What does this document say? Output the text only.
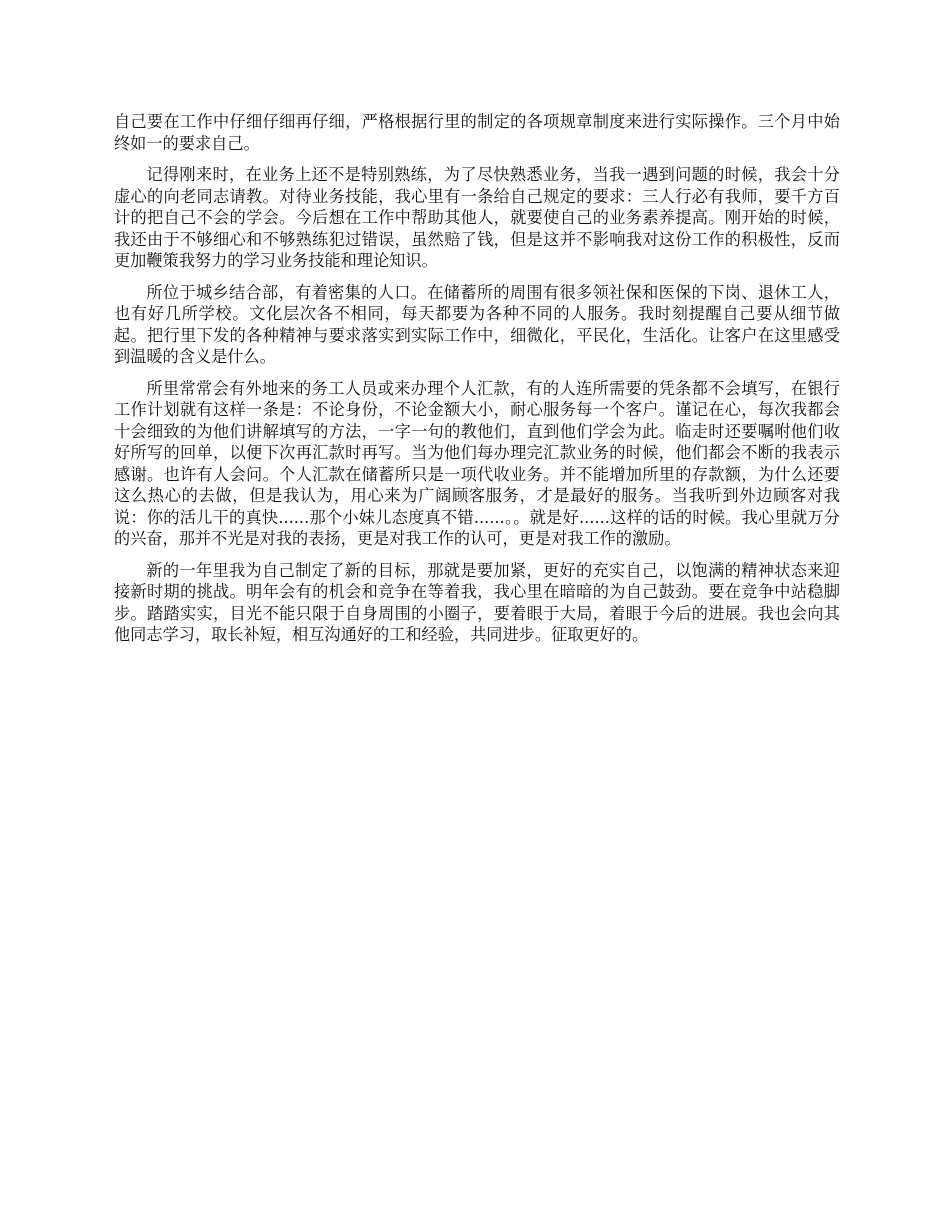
自己要在工作中仔细仔细再仔细，严格根据行里的制定的各项规章制度来进行实际操作。三个月中始终如一的要求自己。

记得刚来时，在业务上还不是特别熟练，为了尽快熟悉业务，当我一遇到问题的时候，我会十分虚心的向老同志请教。对待业务技能，我心里有一条给自己规定的要求：三人行必有我师，要千方百计的把自己不会的学会。今后想在工作中帮助其他人，就要使自己的业务素养提高。刚开始的时候，我还由于不够细心和不够熟练犯过错误，虽然赔了钱，但是这并不影响我对这份工作的积极性，反而更加鞭策我努力的学习业务技能和理论知识。

所位于城乡结合部，有着密集的人口。在储蓄所的周围有很多领社保和医保的下岗、退休工人，也有好几所学校。文化层次各不相同，每天都要为各种不同的人服务。我时刻提醒自己要从细节做起。把行里下发的各种精神与要求落实到实际工作中，细微化，平民化，生活化。让客户在这里感受到温暖的含义是什么。

所里常常会有外地来的务工人员或来办理个人汇款，有的人连所需要的凭条都不会填写，在银行工作计划就有这样一条是：不论身份，不论金额大小，耐心服务每一个客户。谨记在心，每次我都会十会细致的为他们讲解填写的方法，一字一句的教他们，直到他们学会为此。临走时还要嘱咐他们收好所写的回单，以便下次再汇款时再写。当为他们每办理完汇款业务的时候，他们都会不断的我表示感谢。也许有人会问。个人汇款在储蓄所只是一项代收业务。并不能增加所里的存款额，为什么还要这么热心的去做，但是我认为，用心来为广阔顾客服务，才是最好的服务。当我听到外边顾客对我说：你的活儿干的真快......那个小妹儿态度真不错......。。就是好......这样的话的时候。我心里就万分的兴奋，那并不光是对我的表扬，更是对我工作的认可，更是对我工作的激励。

新的一年里我为自己制定了新的目标，那就是要加紧，更好的充实自己，以饱满的精神状态来迎接新时期的挑战。明年会有的机会和竞争在等着我，我心里在暗暗的为自己鼓劲。要在竞争中站稳脚步。踏踏实实，目光不能只限于自身周围的小圈子，要着眼于大局，着眼于今后的进展。我也会向其他同志学习，取长补短，相互沟通好的工和经验，共同进步。征取更好的。
